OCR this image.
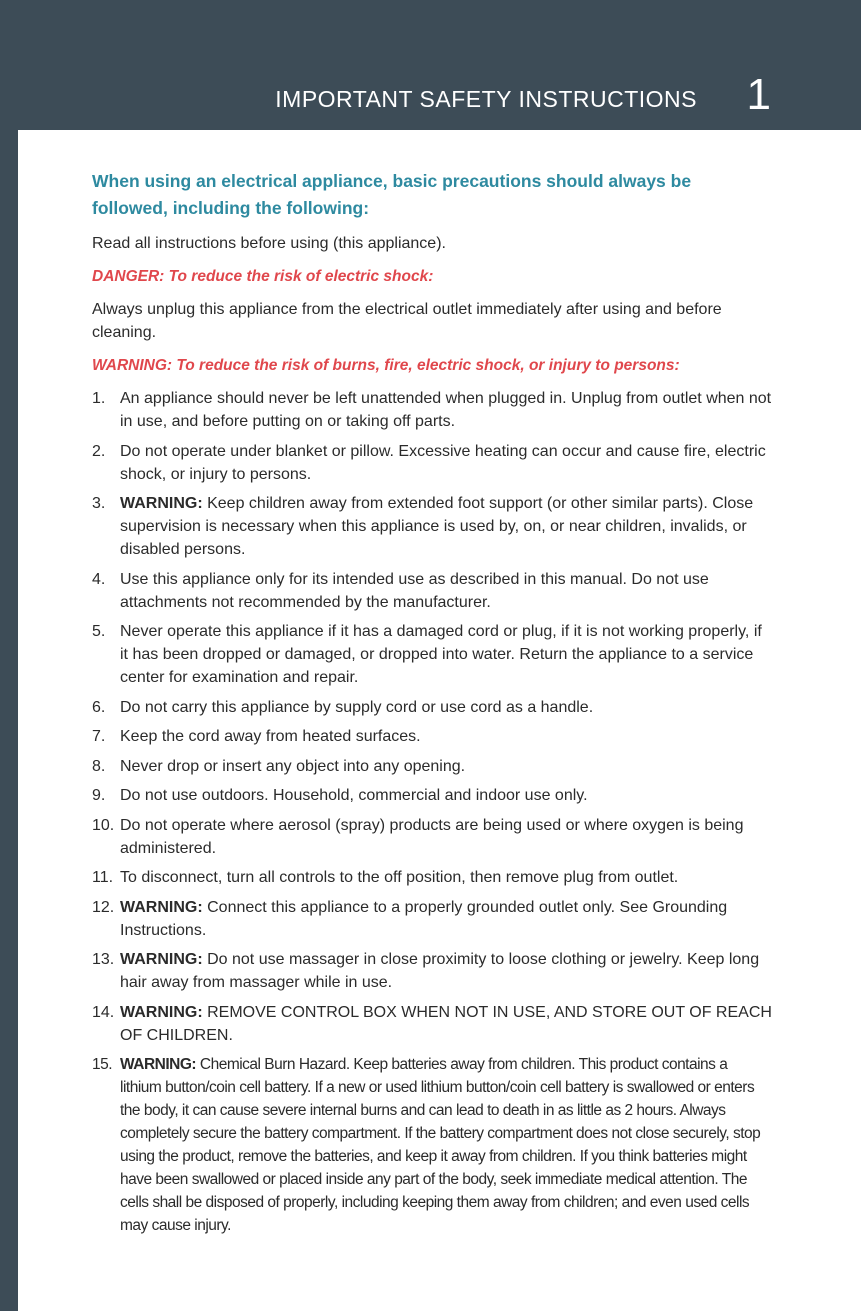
IMPORTANT SAFETY INSTRUCTIONS 1
When using an electrical appliance, basic precautions should always be followed, including the following:

Read all instructions before using (this appliance).

DANGER: To reduce the risk of electric shock:

Always unplug this appliance from the electrical outlet immediately after using and before cleaning.

WARNING: To reduce the risk of burns, fire, electric shock, or injury to persons:

1. An appliance should never be left unattended when plugged in. Unplug from outlet when not in use, and before putting on or taking off parts.
2. Do not operate under blanket or pillow. Excessive heating can occur and cause fire, electric shock, or injury to persons.
3. WARNING: Keep children away from extended foot support (or other similar parts). Close supervision is necessary when this appliance is used by, on, or near children, invalids, or disabled persons.
4. Use this appliance only for its intended use as described in this manual. Do not use attachments not recommended by the manufacturer.
5. Never operate this appliance if it has a damaged cord or plug, if it is not working properly, if it has been dropped or damaged, or dropped into water. Return the appliance to a service center for examination and repair.
6. Do not carry this appliance by supply cord or use cord as a handle.
7. Keep the cord away from heated surfaces.
8. Never drop or insert any object into any opening.
9. Do not use outdoors. Household, commercial and indoor use only.
10. Do not operate where aerosol (spray) products are being used or where oxygen is being administered.
11. To disconnect, turn all controls to the off position, then remove plug from outlet.
12. WARNING: Connect this appliance to a properly grounded outlet only. See Grounding Instructions.
13. WARNING: Do not use massager in close proximity to loose clothing or jewelry. Keep long hair away from massager while in use.
14. WARNING: REMOVE CONTROL BOX WHEN NOT IN USE, AND STORE OUT OF REACH OF CHILDREN.
15. WARNING: Chemical Burn Hazard. Keep batteries away from children. This product contains a lithium button/coin cell battery. If a new or used lithium button/coin cell battery is swallowed or enters the body, it can cause severe internal burns and can lead to death in as little as 2 hours. Always completely secure the battery compartment. If the battery compartment does not close securely, stop using the product, remove the batteries, and keep it away from children. If you think batteries might have been swallowed or placed inside any part of the body, seek immediate medical attention. The cells shall be disposed of properly, including keeping them away from children; and even used cells may cause injury.
